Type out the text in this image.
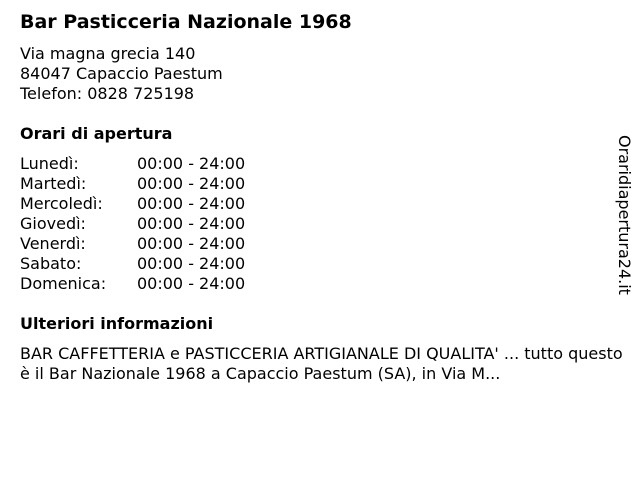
Bar Pasticceria Nazionale 1968
Via magna grecia 140
84047 Capaccio Paestum
Telefon: 0828 725198
Orari di apertura
Lunedì:	00:00 - 24:00
Martedì:	00:00 - 24:00
Mercoledì: 00:00 - 24:00
Giovedì:	00:00 - 24:00
Venerdì:	00:00 - 24:00
Sabato:	00:00 - 24:00
Domenica: 00:00 - 24:00
Ulteriori informazioni
BAR CAFFETTERIA e PASTICCERIA ARTIGIANALE DI QUALITA' ... tutto questo è il Bar Nazionale 1968 a Capaccio Paestum (SA), in Via M...
Oraridiapertura24.it
